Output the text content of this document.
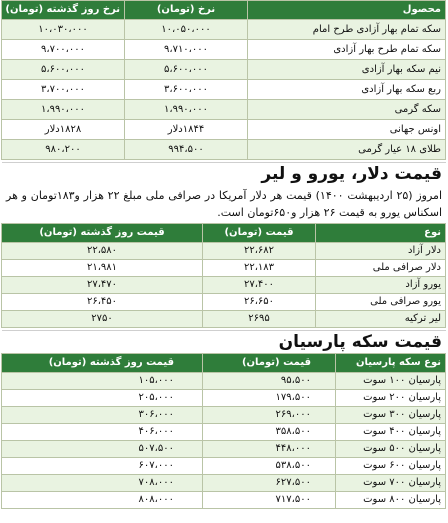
محصول	نرخ (تومان)	نرخ روز گذشته (تومان)
سکه تمام بهار آزادی طرح امام	۱۰،۰۵۰،۰۰۰	۱۰،۰۳۰،۰۰۰
سکه تمام طرح بهار آزادی	۹،۷۱۰،۰۰۰	۹،۷۰۰،۰۰۰
نیم سکه بهار آزادی	۵،۶۰۰،۰۰۰	۵،۶۰۰،۰۰۰
ربع سکه بهار آزادی	۳،۶۰۰،۰۰۰	۳،۷۰۰،۰۰۰
سکه گرمی	۱،۹۹۰،۰۰۰	۱،۹۹۰،۰۰۰
اونس جهانی	۱۸۴۴دلار	۱۸۲۸دلار
طلای ۱۸ عیار گرمی	۹۹۴،۵۰۰	۹۸۰،۲۰۰
قیمت دلار، یورو و لیر

امروز (۲۵ اردیبهشت ۱۴۰۰) قیمت هر دلار آمریکا در صرافی ملی مبلغ ۲۲ هزار و۱۸۳تومان و هر اسکناس یورو به قیمت ۲۶ هزار و۶۵۰تومان است.

نوع	قیمت (تومان)	قیمت روز گذشته (تومان)
دلار آزاد	۲۲،۶۸۲	۲۲،۵۸۰
دلار صرافی ملی	۲۲،۱۸۳	۲۱،۹۸۱
یورو آزاد	۲۷،۴۰۰	۲۷،۴۷۰
یورو صرافی ملی	۲۶،۶۵۰	۲۶،۴۵۰
لیر ترکیه	۲۶۹۵	۲۷۵۰
قیمت سکه پارسیان
نوع سکه پارسیان	قیمت (تومان)	قیمت روز گذشته (تومان)
پارسیان ۱۰۰ سوت	۹۵،۵۰۰	۱۰۵،۰۰۰
پارسیان ۲۰۰ سوت	۱۷۹،۵۰۰	۲۰۵،۰۰۰
پارسیان ۳۰۰ سوت	۲۶۹،۰۰۰	۳۰۶،۰۰۰
پارسیان ۴۰۰ سوت	۳۵۸،۵۰۰	۴۰۶،۰۰۰
پارسیان ۵۰۰ سوت	۴۴۸،۰۰۰	۵۰۷،۵۰۰
پارسیان ۶۰۰ سوت	۵۳۸،۵۰۰	۶۰۷،۰۰۰
پارسیان ۷۰۰ سوت	۶۲۷،۵۰۰	۷۰۸،۰۰۰
پارسیان ۸۰۰ سوت	۷۱۷،۵۰۰	۸۰۸،۰۰۰
